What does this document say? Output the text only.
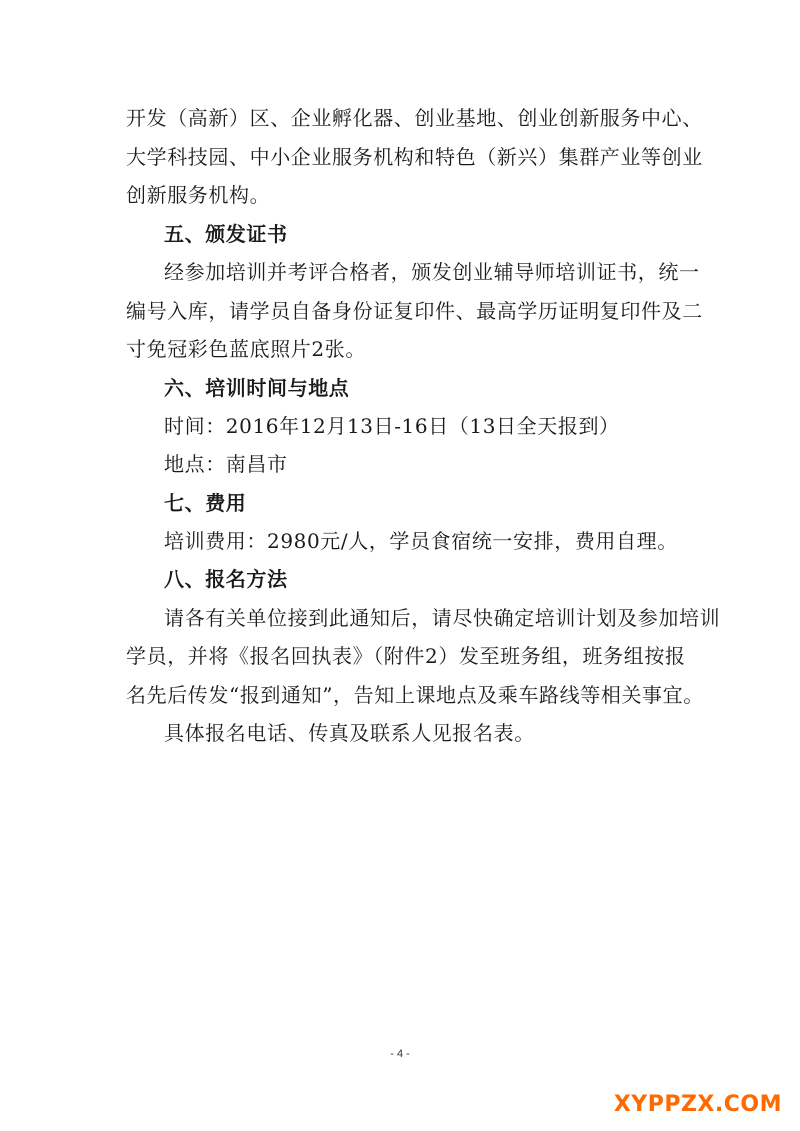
开发（高新）区、企业孵化器、创业基地、创业创新服务中心、
大学科技园、中小企业服务机构和特色（新兴）集群产业等创业
创新服务机构。
五、颁发证书
经参加培训并考评合格者，颁发创业辅导师培训证书，统一
编号入库，请学员自备身份证复印件、最高学历证明复印件及二
寸免冠彩色蓝底照片2张。
六、培训时间与地点
时间：2016年12月13日-16日（13日全天报到）
地点：南昌市
七、费用
培训费用：2980元/人，学员食宿统一安排，费用自理。
八、报名方法
请各有关单位接到此通知后，请尽快确定培训计划及参加培训
学员，并将《报名回执表》（附件2）发至班务组，班务组按报
名先后传发“报到通知”，告知上课地点及乘车路线等相关事宜。
具体报名电话、传真及联系人见报名表。
- 4 -
XYPPZX.COM
